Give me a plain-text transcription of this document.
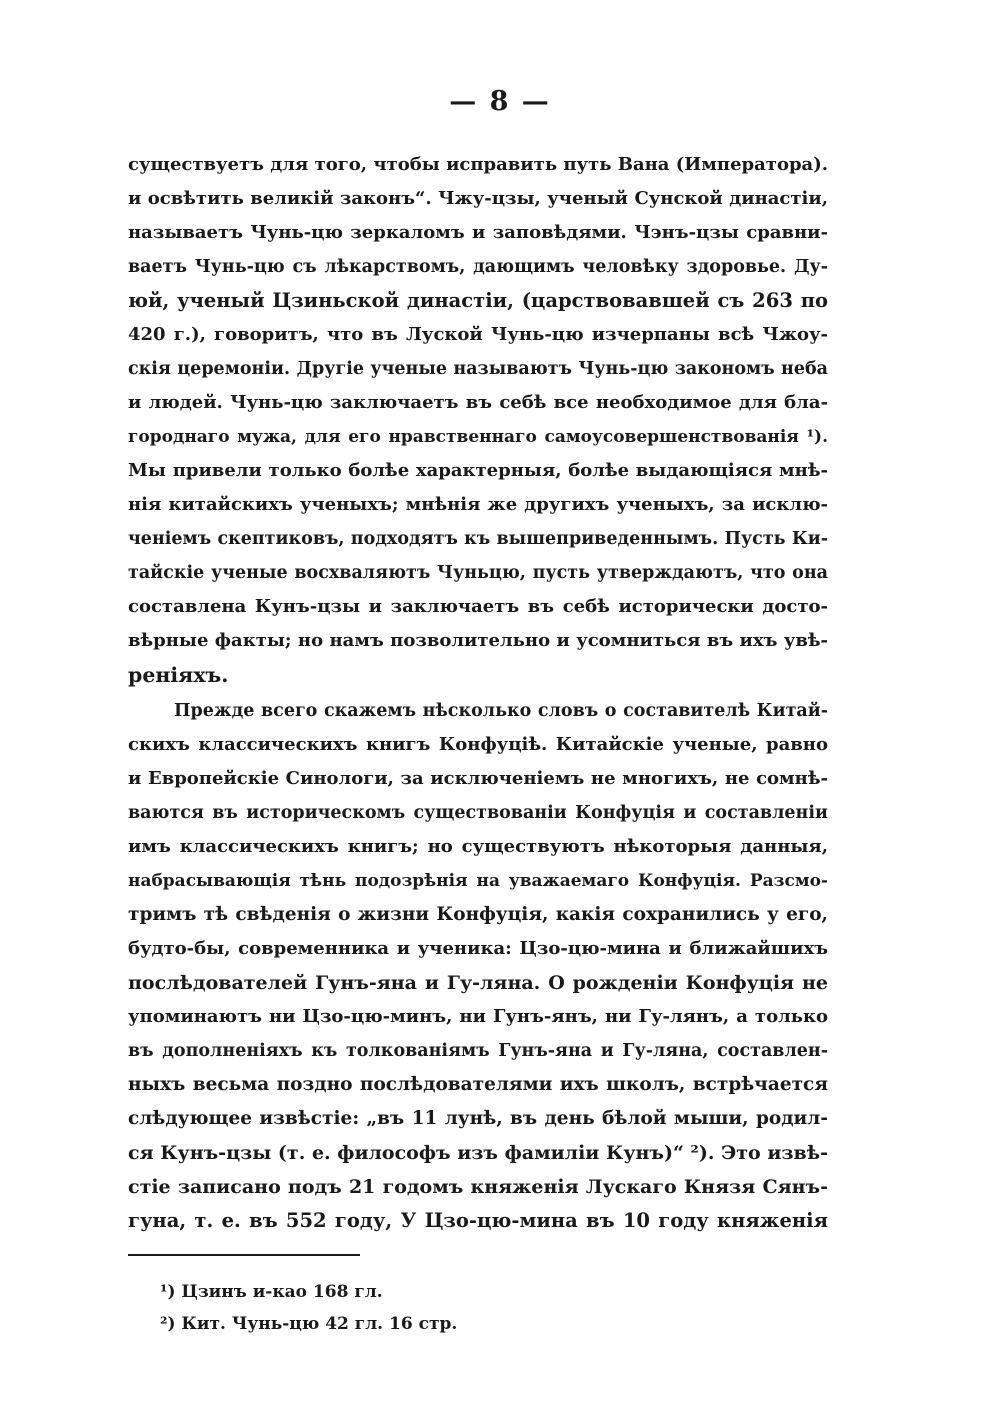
— 8 —
существуетъ для того, чтобы исправить путь Вана (Императора).
и освѣтить великій законъ“. Чжу-цзы, ученый Сунской династіи,
называетъ Чунь-цю зеркаломъ и заповѣдями. Чэнъ-цзы сравни-
ваетъ Чунь-цю съ лѣкарствомъ, дающимъ человѣку здоровье. Ду-
юй, ученый Цзиньской династіи, (царствовавшей съ 263 по
420 г.), говоритъ, что въ Луской Чунь-цю изчерпаны всѣ Чжоу-
скія церемоніи. Другіе ученые называютъ Чунь-цю закономъ неба
и людей. Чунь-цю заключаетъ въ себѣ все необходимое для бла-
городнаго мужа, для его нравственнаго самоусовершенствованія ¹).
Мы привели только болѣе характерныя, болѣе выдающіяся мнѣ-
нія китайскихъ ученыхъ; мнѣнія же другихъ ученыхъ, за исклю-
ченіемъ скептиковъ, подходятъ къ вышеприведеннымъ. Пусть Ки-
тайскіе ученые восхваляютъ Чуньцю, пусть утверждаютъ, что она
составлена Кунъ-цзы и заключаетъ въ себѣ исторически досто-
вѣрные факты; но намъ позволительно и усомниться въ ихъ увѣ-
реніяхъ.
Прежде всего скажемъ нѣсколько словъ о составителѣ Китай-
скихъ классическихъ книгъ Конфуціѣ. Китайскіе ученые, равно
и Европейскіе Синологи, за исключеніемъ не многихъ, не сомнѣ-
ваются въ историческомъ существованіи Конфуція и составленіи
имъ классическихъ книгъ; но существуютъ нѣкоторыя данныя,
набрасывающія тѣнь подозрѣнія на уважаемаго Конфуція. Разсмо-
тримъ тѣ свѣденія о жизни Конфуція, какія сохранились у его,
будто-бы, современника и ученика: Цзо-цю-мина и ближайшихъ
послѣдователей Гунъ-яна и Гу-ляна. О рожденіи Конфуція не
упоминаютъ ни Цзо-цю-минъ, ни Гунъ-янъ, ни Гу-лянъ, а только
въ дополненіяхъ къ толкованіямъ Гунъ-яна и Гу-ляна, составлен-
ныхъ весьма поздно послѣдователями ихъ школъ, встрѣчается
слѣдующее извѣстіе: „въ 11 лунѣ, въ день бѣлой мыши, родил-
ся Кунъ-цзы (т. е. философъ изъ фамиліи Кунъ)“ ²). Это извѣ-
стіе записано подъ 21 годомъ княженія Лускаго Князя Сянъ-
гуна, т. е. въ 552 году, У Цзо-цю-мина въ 10 году княженія
¹) Цзинъ и-као 168 гл.
²) Кит. Чунь-цю 42 гл. 16 стр.
